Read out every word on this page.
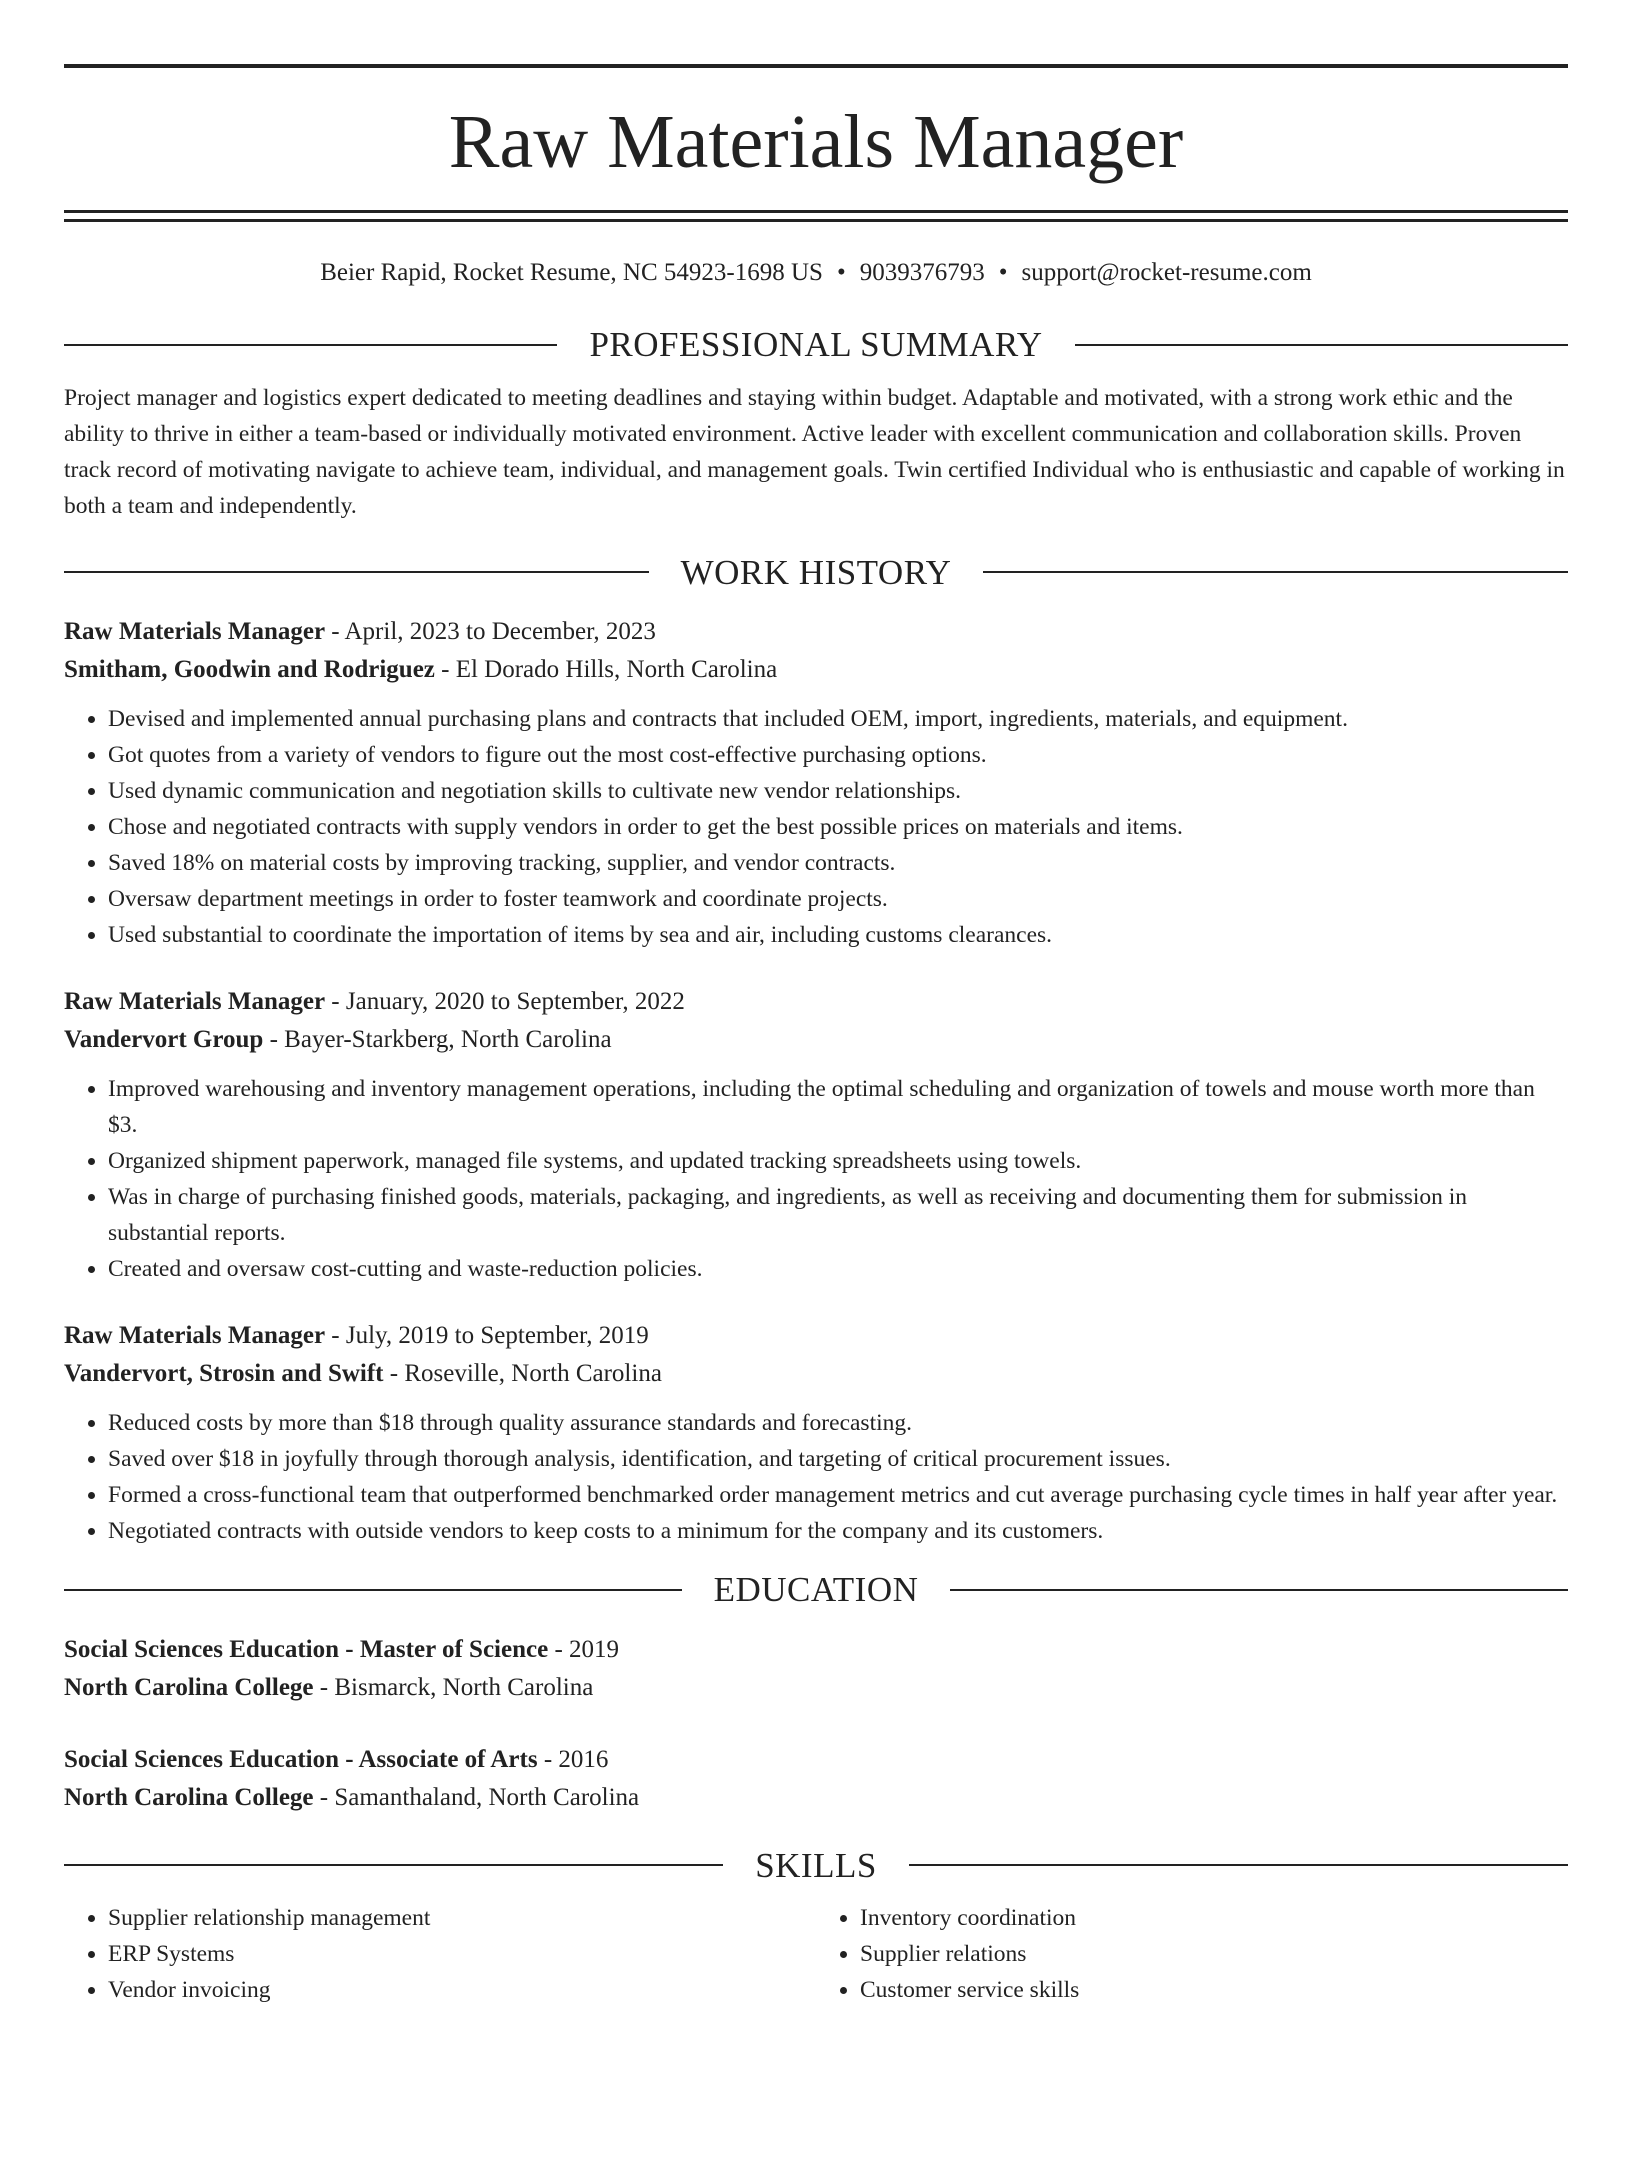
Raw Materials Manager
Beier Rapid, Rocket Resume, NC 54923-1698 US • 9039376793 • support@rocket-resume.com
PROFESSIONAL SUMMARY

Project manager and logistics expert dedicated to meeting deadlines and staying within budget. Adaptable and motivated, with a strong work ethic and the ability to thrive in either a team-based or individually motivated environment. Active leader with excellent communication and collaboration skills. Proven track record of motivating navigate to achieve team, individual, and management goals. Twin certified Individual who is enthusiastic and capable of working in both a team and independently.

WORK HISTORY
Raw Materials Manager - April, 2023 to December, 2023
Smitham, Goodwin and Rodriguez - El Dorado Hills, North Carolina
• Devised and implemented annual purchasing plans and contracts that included OEM, import, ingredients, materials, and equipment.
• Got quotes from a variety of vendors to figure out the most cost-effective purchasing options.
• Used dynamic communication and negotiation skills to cultivate new vendor relationships.
• Chose and negotiated contracts with supply vendors in order to get the best possible prices on materials and items.
• Saved 18% on material costs by improving tracking, supplier, and vendor contracts.
• Oversaw department meetings in order to foster teamwork and coordinate projects.
• Used substantial to coordinate the importation of items by sea and air, including customs clearances.
Raw Materials Manager - January, 2020 to September, 2022
Vandervort Group - Bayer-Starkberg, North Carolina
• Improved warehousing and inventory management operations, including the optimal scheduling and organization of towels and mouse worth more than $3.
• Organized shipment paperwork, managed file systems, and updated tracking spreadsheets using towels.
• Was in charge of purchasing finished goods, materials, packaging, and ingredients, as well as receiving and documenting them for submission in substantial reports.
• Created and oversaw cost-cutting and waste-reduction policies.
Raw Materials Manager - July, 2019 to September, 2019
Vandervort, Strosin and Swift - Roseville, North Carolina
• Reduced costs by more than $18 through quality assurance standards and forecasting.
• Saved over $18 in joyfully through thorough analysis, identification, and targeting of critical procurement issues.
• Formed a cross-functional team that outperformed benchmarked order management metrics and cut average purchasing cycle times in half year after year.
• Negotiated contracts with outside vendors to keep costs to a minimum for the company and its customers.
EDUCATION
Social Sciences Education - Master of Science - 2019
North Carolina College - Bismarck, North Carolina
Social Sciences Education - Associate of Arts - 2016
North Carolina College - Samanthaland, North Carolina
SKILLS
• Supplier relationship management
• ERP Systems
• Vendor invoicing
• Inventory coordination
• Supplier relations
• Customer service skills
